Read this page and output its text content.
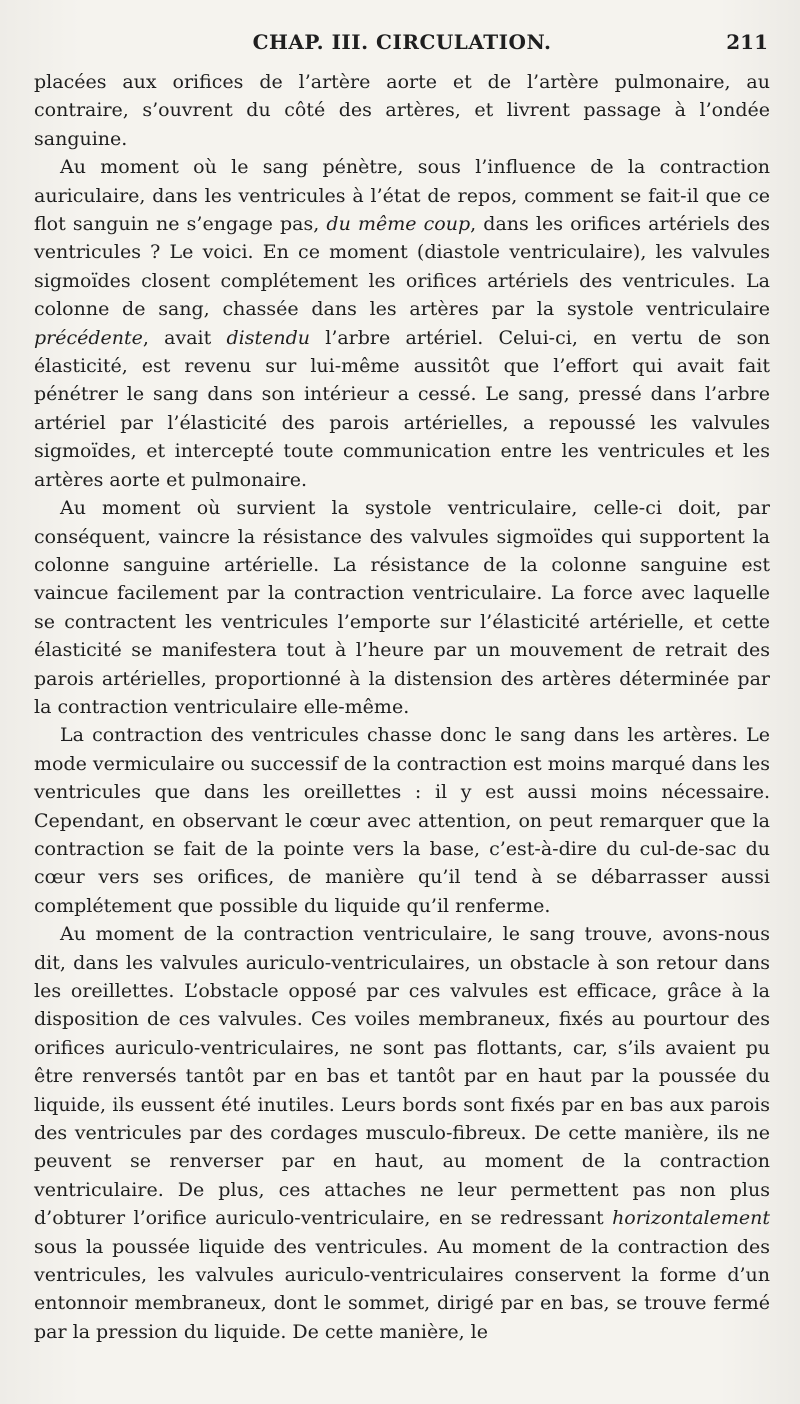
CHAP. III. CIRCULATION.	211

placées aux orifices de l’artère aorte et de l’artère pulmonaire, au contraire, s’ouvrent du côté des artères, et livrent passage à l’ondée sanguine.

Au moment où le sang pénètre, sous l’influence de la contraction auriculaire, dans les ventricules à l’état de repos, comment se fait-il que ce flot sanguin ne s’engage pas, du même coup, dans les orifices artériels des ventricules ? Le voici. En ce moment (diastole ventriculaire), les valvules sigmoïdes closent complétement les orifices artériels des ventricules. La colonne de sang, chassée dans les artères par la systole ventriculaire précédente, avait distendu l’arbre artériel. Celui-ci, en vertu de son élasticité, est revenu sur lui-même aussitôt que l’effort qui avait fait pénétrer le sang dans son intérieur a cessé. Le sang, pressé dans l’arbre artériel par l’élasticité des parois artérielles, a repoussé les valvules sigmoïdes, et intercepté toute communication entre les ventricules et les artères aorte et pulmonaire.

Au moment où survient la systole ventriculaire, celle-ci doit, par conséquent, vaincre la résistance des valvules sigmoïdes qui supportent la colonne sanguine artérielle. La résistance de la colonne sanguine est vaincue facilement par la contraction ventriculaire. La force avec laquelle se contractent les ventricules l’emporte sur l’élasticité artérielle, et cette élasticité se manifestera tout à l’heure par un mouvement de retrait des parois artérielles, proportionné à la distension des artères déterminée par la contraction ventriculaire elle-même.

La contraction des ventricules chasse donc le sang dans les artères. Le mode vermiculaire ou successif de la contraction est moins marqué dans les ventricules que dans les oreillettes : il y est aussi moins nécessaire. Cependant, en observant le cœur avec attention, on peut remarquer que la contraction se fait de la pointe vers la base, c’est-à-dire du cul-de-sac du cœur vers ses orifices, de manière qu’il tend à se débarrasser aussi complétement que possible du liquide qu’il renferme.

Au moment de la contraction ventriculaire, le sang trouve, avons-nous dit, dans les valvules auriculo-ventriculaires, un obstacle à son retour dans les oreillettes. L’obstacle opposé par ces valvules est efficace, grâce à la disposition de ces valvules. Ces voiles membraneux, fixés au pourtour des orifices auriculo-ventriculaires, ne sont pas flottants, car, s’ils avaient pu être renversés tantôt par en bas et tantôt par en haut par la poussée du liquide, ils eussent été inutiles. Leurs bords sont fixés par en bas aux parois des ventricules par des cordages musculo-fibreux. De cette manière, ils ne peuvent se renverser par en haut, au moment de la contraction ventriculaire. De plus, ces attaches ne leur permettent pas non plus d’obturer l’orifice auriculo-ventriculaire, en se redressant horizontalement sous la poussée liquide des ventricules. Au moment de la contraction des ventricules, les valvules auriculo-ventriculaires conservent la forme d’un entonnoir membraneux, dont le sommet, dirigé par en bas, se trouve fermé par la pression du liquide. De cette manière, le
